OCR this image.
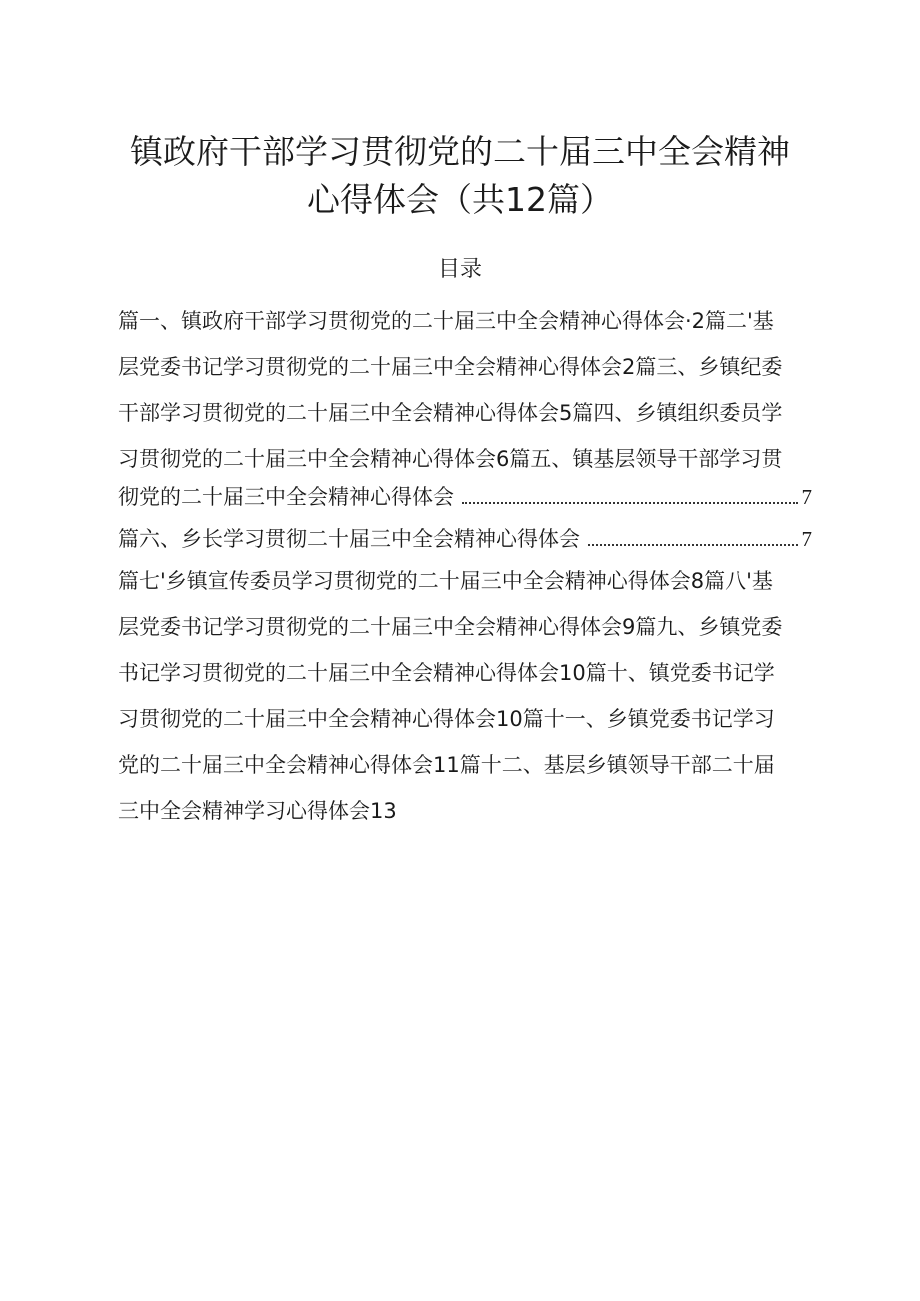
镇政府干部学习贯彻党的二十届三中全会精神
心得体会（共12篇）
目录
篇一、镇政府干部学习贯彻党的二十届三中全会精神心得体会·2篇二'基
层党委书记学习贯彻党的二十届三中全会精神心得体会2篇三、乡镇纪委
干部学习贯彻党的二十届三中全会精神心得体会5篇四、乡镇组织委员学
习贯彻党的二十届三中全会精神心得体会6篇五、镇基层领导干部学习贯
彻党的二十届三中全会精神心得体会	7
篇六、乡长学习贯彻二十届三中全会精神心得体会	7
篇七'乡镇宣传委员学习贯彻党的二十届三中全会精神心得体会8篇八'基
层党委书记学习贯彻党的二十届三中全会精神心得体会9篇九、乡镇党委
书记学习贯彻党的二十届三中全会精神心得体会10篇十、镇党委书记学
习贯彻党的二十届三中全会精神心得体会10篇十一、乡镇党委书记学习
党的二十届三中全会精神心得体会11篇十二、基层乡镇领导干部二十届
三中全会精神学习心得体会13
